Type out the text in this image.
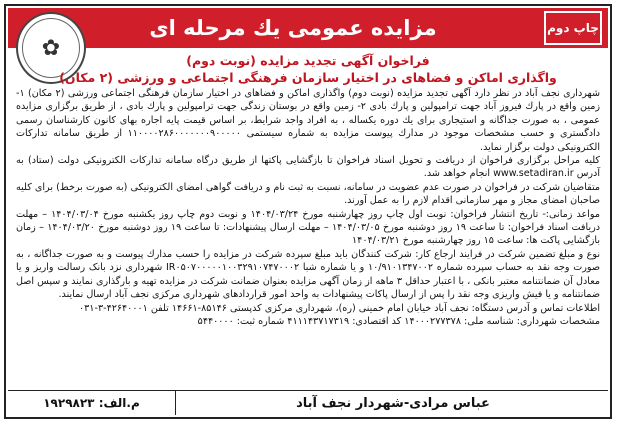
چاپ دوم
مزایده عمومی یك مرحله ای
✿	فراخوان آگهی تجدید مزایده (نوبت دوم)

واگذاری اماکن و فضاهای در اختیار سازمان فرهنگی اجتماعی و ورزشی (۲ مکان)

شهرداری نجف آباد در نظر دارد آگهی تجدید مزایده (نوبت دوم) واگذاری اماکن و فضاهای در اختیار سازمان فرهنگی اجتماعی ورزشی (۲ مکان) ۱-زمین واقع در پارك فیروز آباد جهت ترامپولین و پارك بادی ۲- زمین واقع در بوستان زندگی جهت ترامپولین و پارك بادی ، از طریق برگزاری مزایده عمومی ، به صورت جداگانه و استیجاری برای یك دوره یكساله ، به افراد واجد شرایط، بر اساس قیمت پایه اجاره بهای كانون كارشناسان رسمی دادگستری و حسب مشخصات موجود در مدارك پیوست مزایده به شماره سیستمی ۱۱۰۰۰۰۲۸۶۰۰۰۰۰۰۰۹۰۰۰۰۰ از طریق سامانه تدارکات الکترونیکی دولت برگزار نماید.

کلیه مراحل برگزاری فراخوان از دریافت و تحویل اسناد فراخوان تا بازگشایی پاکتها از طریق درگاه سامانه تدارکات الکترونیکی دولت (ستاد) به آدرس www.setadiran.ir انجام خواهد شد.

متقاضیان شرکت در فراخوان در صورت عدم عضویت در سامانه، نسبت به ثبت نام و دریافت گواهی امضای الکترونیکی (به صورت برخط) برای کلیه صاحبان امضای مجاز و مهر سازمانی اقدام لازم را به عمل آورند.

مواعد زمانی:- تاریخ انتشار فراخوان: نوبت اول چاپ روز چهارشنبه مورخ ۱۴۰۴/۰۳/۲۴ و نوبت دوم چاپ روز یکشنبه مورخ ۱۴۰۴/۰۳/۰۴ – مهلت دریافت اسناد فراخوان: تا ساعت ۱۹ روز دوشنبه مورخ ۱۴۰۴/۰۳/۰۵ – مهلت ارسال پیشنهادات: تا ساعت ۱۹ روز دوشنبه مورخ ۱۴۰۴/۰۳/۲۰ – زمان بازگشایی پاکت ها: ساعت ۱۵ روز چهارشنبه مورخ ۱۴۰۴/۰۳/۲۱

نوع و مبلغ تضمین شرکت در فرایند ارجاع کار: شرکت کنندگان باید مبلغ سپرده شرکت در مزایده را حسب مدارك پیوست و به صورت جداگانه ، به صورت وجه نقد به حساب سپرده شماره ۱۰/۹۱۰۱۳۴۷۰۰۲ و یا شماره شبا IR۰۵۰۷۰۰۰۰۰۱۰۰۳۲۹۱۰۷۴۷۰۰۰۲ شهرداری نزد بانک رسالت واریز و یا معادل آن ضمانتنامه معتبر بانکی ، با اعتبار حداقل ۳ ماهه از زمان آگهی مزایده بعنوان ضمانت شرکت در مزایده تهیه و بارگذاری نمایند و سپس اصل ضمانتنامه و یا فیش واریزی وجه نقد را پس از ارسال پاکات پیشنهادات به واحد امور قراردادهای شهرداری مرکزی نجف آباد ارسال نمایند.

اطلاعات تماس و آدرس دستگاه: نجف آباد خیابان امام خمینی (ره)، شهرداری مرکزی کدپستی ۸۵۱۴۶-۱۴۶۶۱ تلفن ۴۲۶۴۰۰۰۱-۳-۰۳۱

مشخصات شهرداری: شناسه ملی: ۱۴۰۰۰۲۷۷۳۷۸ کد اقتصادی: ۴۱۱۱۴۳۷۱۷۳۱۹ شماره ثبت: ۵۴۴۰۰۰۰

عباس مرادی-شهردار نجف آباد
م.الف: ۱۹۲۹۸۲۳
